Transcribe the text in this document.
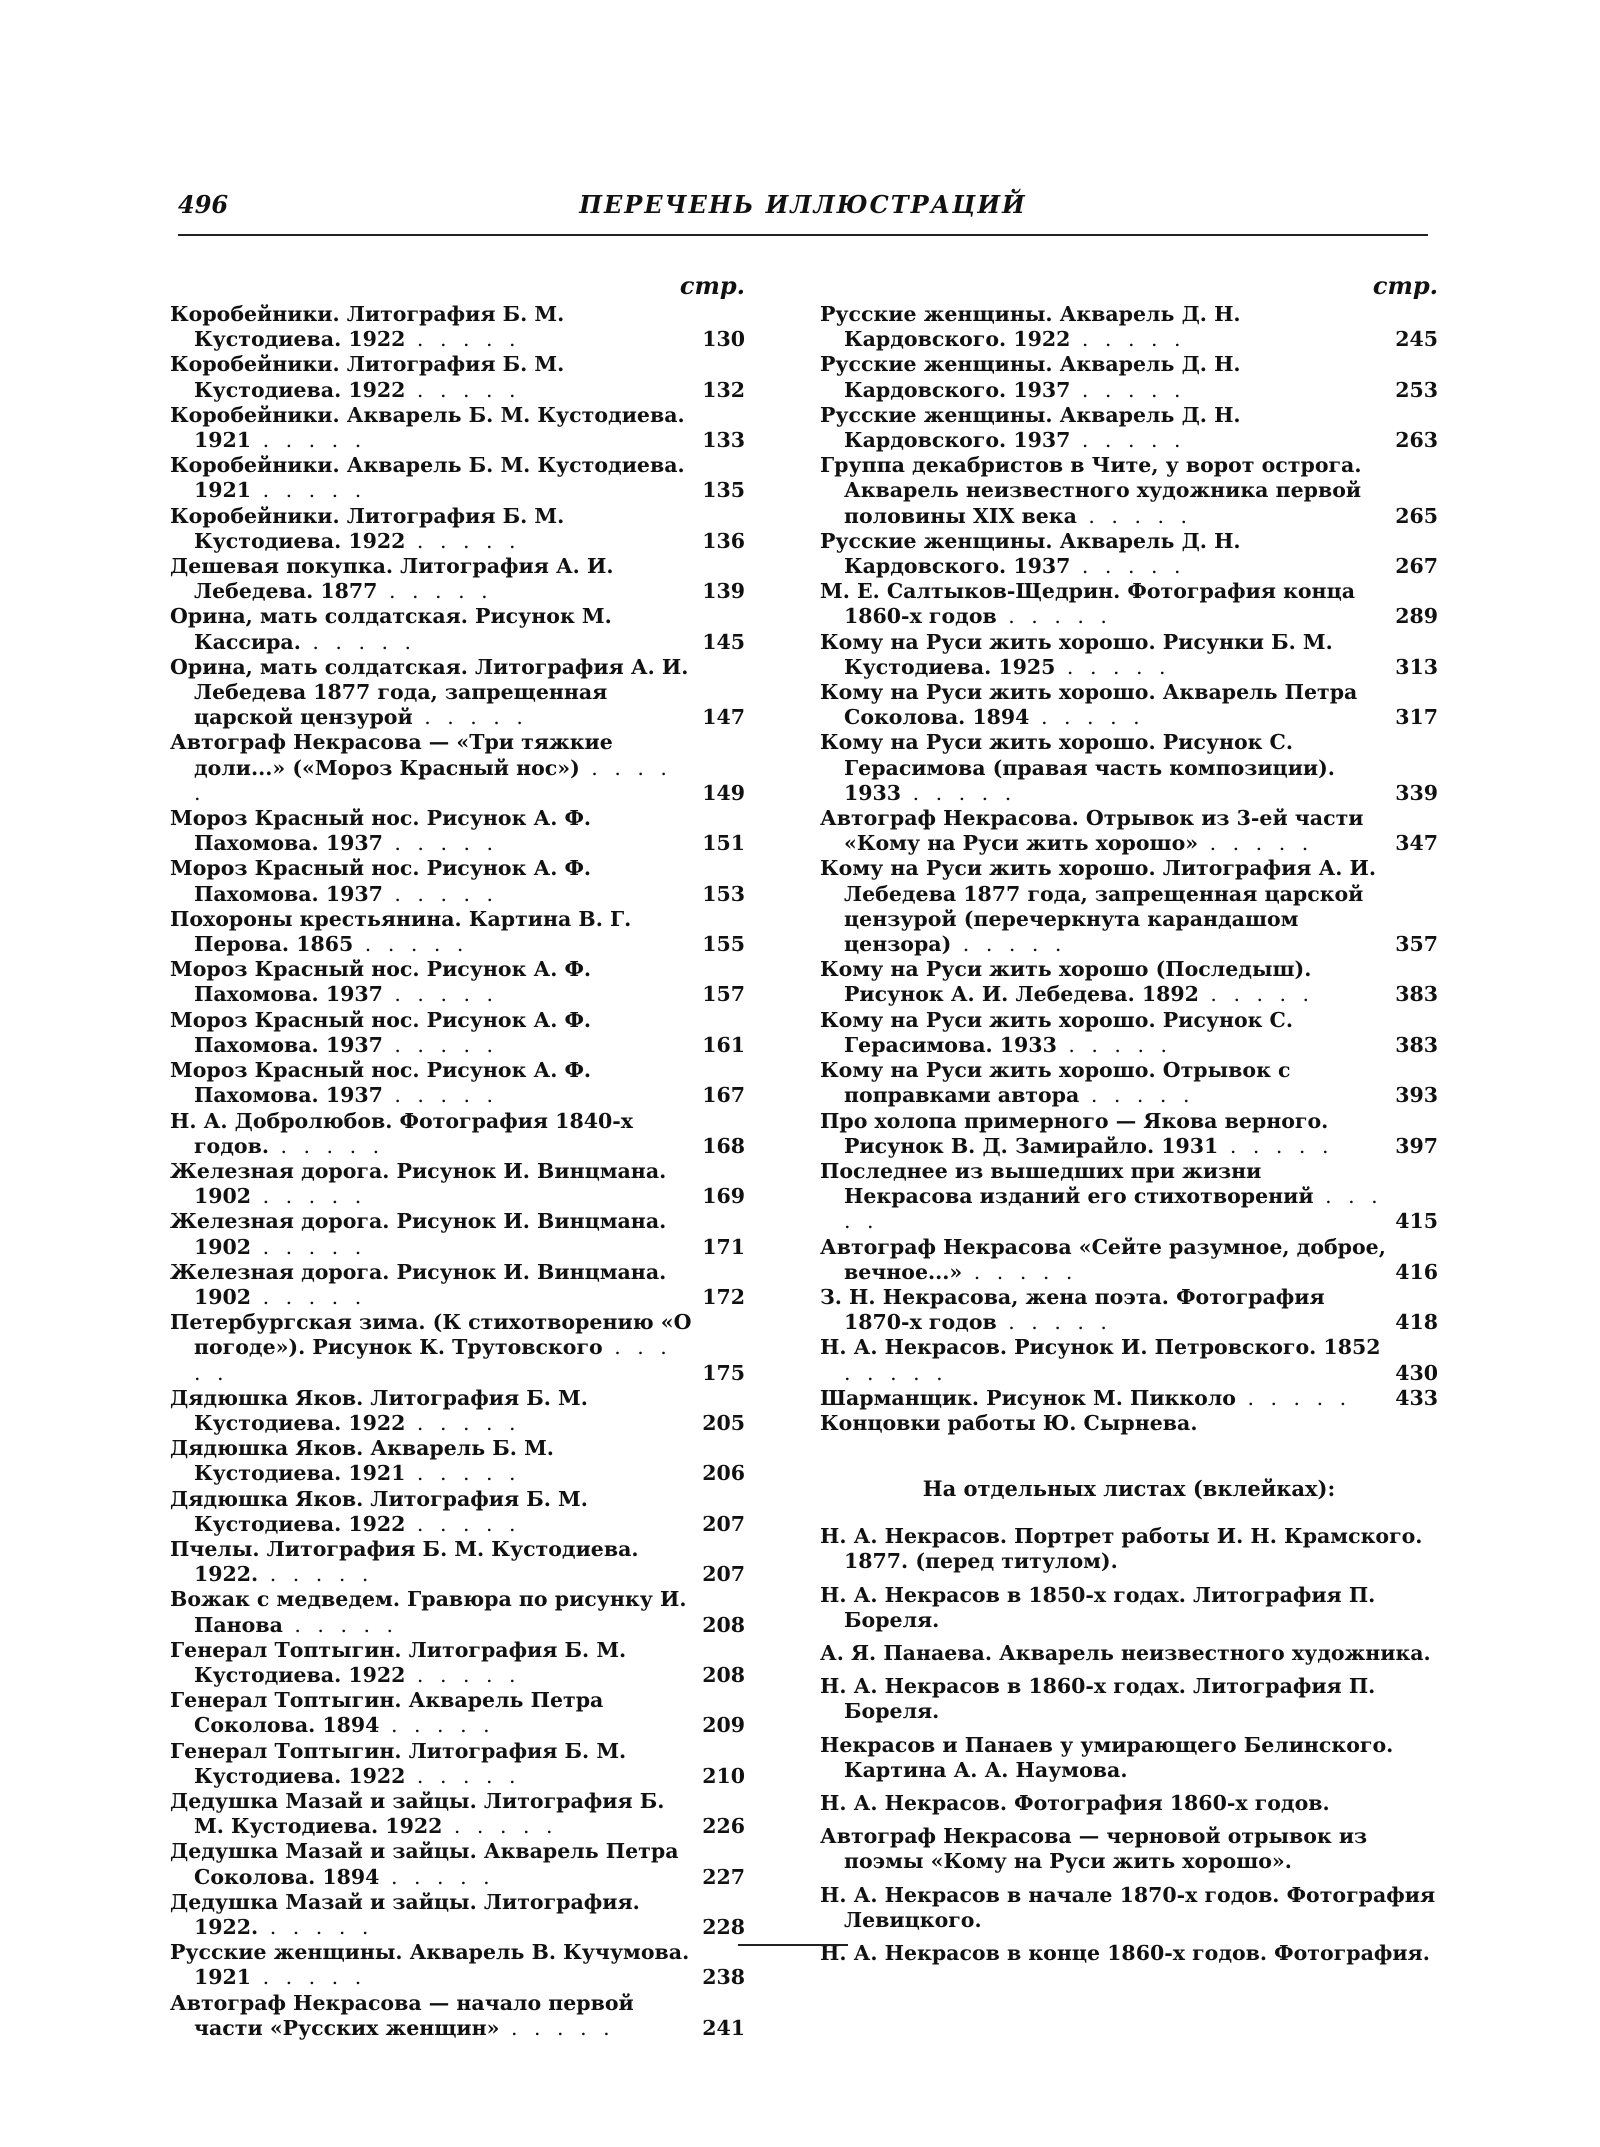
496	ПЕРЕЧЕНЬ ИЛЛЮСТРАЦИЙ
стр.
Коробейники. Литография Б. М. Кустодиева. 1922 . . . . .	130
Коробейники. Литография Б. М. Кустодиева. 1922 . . . . .	132
Коробейники. Акварель Б. М. Кустодиева. 1921 . . . . .	133
Коробейники. Акварель Б. М. Кустодиева. 1921 . . . . .	135
Коробейники. Литография Б. М. Кустодиева. 1922 . . . . .	136
Дешевая покупка. Литография А. И. Лебедева. 1877 . . . . .	139
Орина, мать солдатская. Рисунок М. Кассира. . . . . .	145
Орина, мать солдатская. Литография А. И. Лебедева 1877 года, запрещенная царской цензурой . . . . .	147
Автограф Некрасова — «Три тяжкие доли...» («Мороз Красный нос») . . . . .	149
Мороз Красный нос. Рисунок А. Ф. Пахомова. 1937 . . . . .	151
Мороз Красный нос. Рисунок А. Ф. Пахомова. 1937 . . . . .	153
Похороны крестьянина. Картина В. Г. Перова. 1865 . . . . .	155
Мороз Красный нос. Рисунок А. Ф. Пахомова. 1937 . . . . .	157
Мороз Красный нос. Рисунок А. Ф. Пахомова. 1937 . . . . .	161
Мороз Красный нос. Рисунок А. Ф. Пахомова. 1937 . . . . .	167
Н. А. Добролюбов. Фотография 1840-х годов. . . . . .	168
Железная дорога. Рисунок И. Винцмана. 1902 . . . . .	169
Железная дорога. Рисунок И. Винцмана. 1902 . . . . .	171
Железная дорога. Рисунок И. Винцмана. 1902 . . . . .	172
Петербургская зима. (К стихотворению «О погоде»). Рисунок К. Трутовского . . . . .	175
Дядюшка Яков. Литография Б. М. Кустодиева. 1922 . . . . .	205
Дядюшка Яков. Акварель Б. М. Кустодиева. 1921 . . . . .	206
Дядюшка Яков. Литография Б. М. Кустодиева. 1922 . . . . .	207
Пчелы. Литография Б. М. Кустодиева. 1922. . . . . .	207
Вожак с медведем. Гравюра по рисунку И. Панова . . . . .	208
Генерал Топтыгин. Литография Б. М. Кустодиева. 1922 . . . . .	208
Генерал Топтыгин. Акварель Петра Соколова. 1894 . . . . .	209
Генерал Топтыгин. Литография Б. М. Кустодиева. 1922 . . . . .	210
Дедушка Мазай и зайцы. Литография Б. М. Кустодиева. 1922 . . . . .	226
Дедушка Мазай и зайцы. Акварель Петра Соколова. 1894 . . . . .	227
Дедушка Мазай и зайцы. Литография. 1922. . . . . .	228
Русские женщины. Акварель В. Кучумова. 1921 . . . . .	238
Автограф Некрасова — начало первой части «Русских женщин» . . . . .	241
стр.
Русские женщины. Акварель Д. Н. Кардовского. 1922 . . . . .	245
Русские женщины. Акварель Д. Н. Кардовского. 1937 . . . . .	253
Русские женщины. Акварель Д. Н. Кардовского. 1937 . . . . .	263
Группа декабристов в Чите, у ворот острога. Акварель неизвестного художника первой половины XIX века . . . . .	265
Русские женщины. Акварель Д. Н. Кардовского. 1937 . . . . .	267
М. Е. Салтыков-Щедрин. Фотография конца 1860-х годов . . . . .	289
Кому на Руси жить хорошо. Рисунки Б. М. Кустодиева. 1925 . . . . .	313
Кому на Руси жить хорошо. Акварель Петра Соколова. 1894 . . . . .	317
Кому на Руси жить хорошо. Рисунок С. Герасимова (правая часть композиции). 1933 . . . . .	339
Автограф Некрасова. Отрывок из 3-ей части «Кому на Руси жить хорошо» . . . . .	347
Кому на Руси жить хорошо. Литография А. И. Лебедева 1877 года, запрещенная царской цензурой (перечеркнута карандашом цензора) . . . . .	357
Кому на Руси жить хорошо (Последыш). Рисунок А. И. Лебедева. 1892 . . . . .	383
Кому на Руси жить хорошо. Рисунок С. Герасимова. 1933 . . . . .	383
Кому на Руси жить хорошо. Отрывок с поправками автора . . . . .	393
Про холопа примерного — Якова верного. Рисунок В. Д. Замирайло. 1931 . . . . .	397
Последнее из вышедших при жизни Некрасова изданий его стихотворений . . . . .	415
Автограф Некрасова «Сейте разумное, доброе, вечное...» . . . . .	416
З. Н. Некрасова, жена поэта. Фотография 1870-х годов . . . . .	418
Н. А. Некрасов. Рисунок И. Петровского. 1852 . . . . .	430
Шарманщик. Рисунок М. Пикколо . . . . . 433
Концовки работы Ю. Сырнева.
На отдельных листах (вклейках):
Н. А. Некрасов. Портрет работы И. Н. Крамского. 1877. (перед титулом).
Н. А. Некрасов в 1850-х годах. Литография П. Бореля.
А. Я. Панаева. Акварель неизвестного художника.
Н. А. Некрасов в 1860-х годах. Литография П. Бореля.
Некрасов и Панаев у умирающего Белинского. Картина А. А. Наумова.
Н. А. Некрасов. Фотография 1860-х годов.
Автограф Некрасова — черновой отрывок из поэмы «Кому на Руси жить хорошо».
Н. А. Некрасов в начале 1870-х годов. Фотография Левицкого.
Н. А. Некрасов в конце 1860-х годов. Фотография.
